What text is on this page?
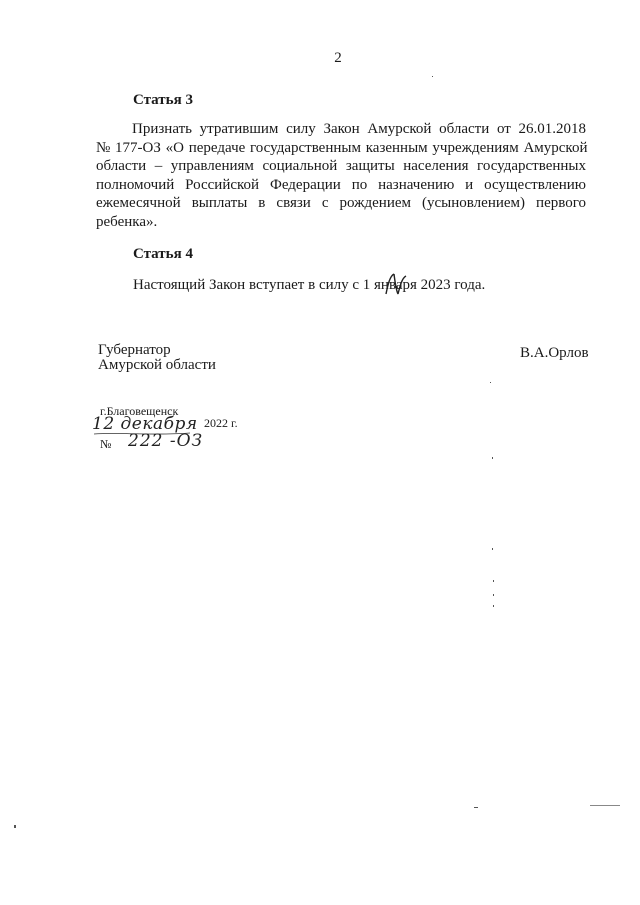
2
Статья 3
Признать утратившим силу Закон Амурской области от 26.01.2018
№ 177-ОЗ «О передаче государственным казенным учреждениям Амурской
области – управлениям социальной защиты населения государственных
полномочий Российской Федерации по назначению и осуществлению
ежемесячной выплаты в связи с рождением (усыновлением) первого
ребенка».
Статья 4
Настоящий Закон вступает в силу с 1 января 2023 года.
Губернатор
Амурской области
В.А.Орлов
г.Благовещенск
12 декабря 2022 г.
№ 222 -ОЗ
